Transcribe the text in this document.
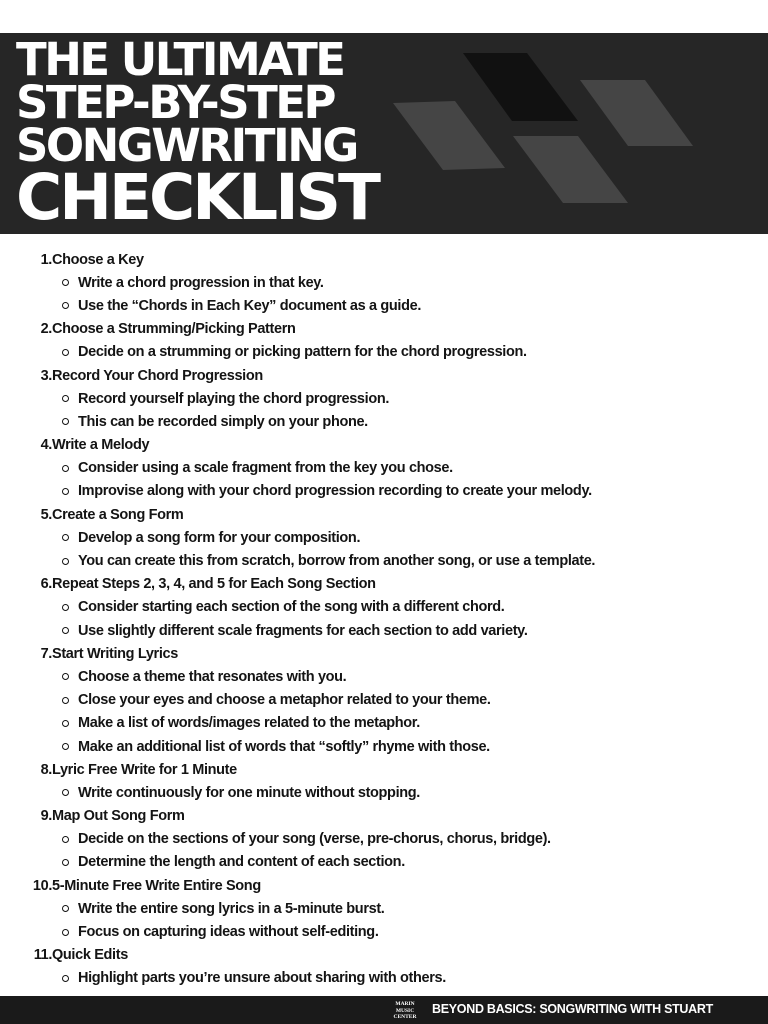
THE ULTIMATE
STEP-BY-STEP
SONGWRITING
CHECKLIST
1. Choose a Key
Write a chord progression in that key.
Use the “Chords in Each Key” document as a guide.
2. Choose a Strumming/Picking Pattern
Decide on a strumming or picking pattern for the chord progression.
3. Record Your Chord Progression
Record yourself playing the chord progression.
This can be recorded simply on your phone.
4. Write a Melody
Consider using a scale fragment from the key you chose.
Improvise along with your chord progression recording to create your melody.
5. Create a Song Form
Develop a song form for your composition.
You can create this from scratch, borrow from another song, or use a template.
6. Repeat Steps 2, 3, 4, and 5 for Each Song Section
Consider starting each section of the song with a different chord.
Use slightly different scale fragments for each section to add variety.
7. Start Writing Lyrics
Choose a theme that resonates with you.
Close your eyes and choose a metaphor related to your theme.
Make a list of words/images related to the metaphor.
Make an additional list of words that “softly” rhyme with those.
8. Lyric Free Write for 1 Minute
Write continuously for one minute without stopping.
9. Map Out Song Form
Decide on the sections of your song (verse, pre-chorus, chorus, bridge).
Determine the length and content of each section.
10. 5-Minute Free Write Entire Song
Write the entire song lyrics in a 5-minute burst.
Focus on capturing ideas without self-editing.
11. Quick Edits
Highlight parts you’re unsure about sharing with others.
MARIN MUSIC
CENTER
BEYOND BASICS: SONGWRITING WITH STUART
